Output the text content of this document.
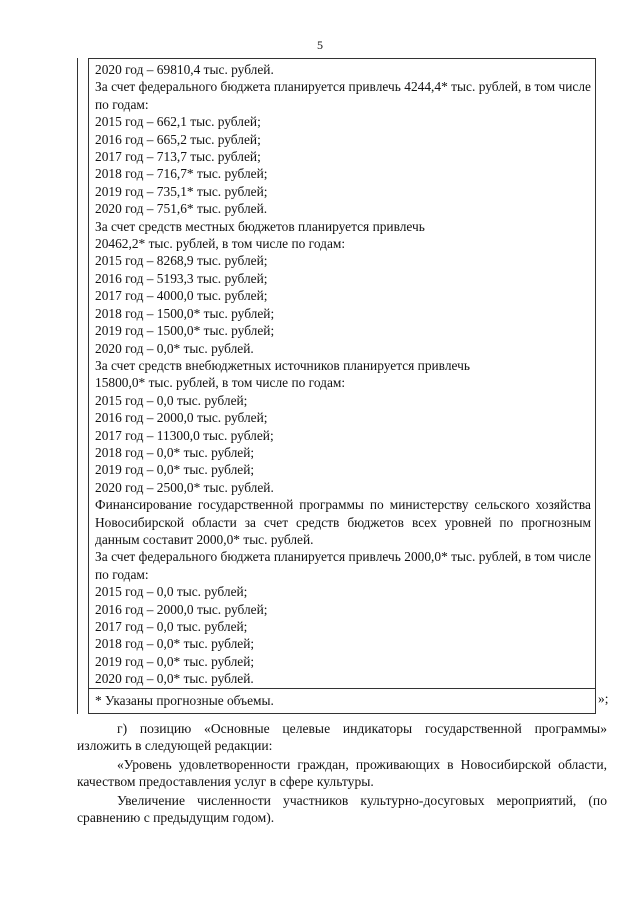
5
2020 год – 69810,4 тыс. рублей.
За счет федерального бюджета планируется привлечь 4244,4* тыс. рублей, в том числе по годам:
2015 год – 662,1 тыс. рублей;
2016 год – 665,2 тыс. рублей;
2017 год – 713,7 тыс. рублей;
2018 год – 716,7* тыс. рублей;
2019 год – 735,1* тыс. рублей;
2020 год – 751,6* тыс. рублей.
За счет средств местных бюджетов планируется привлечь
20462,2* тыс. рублей, в том числе по годам:
2015 год – 8268,9 тыс. рублей;
2016 год – 5193,3 тыс. рублей;
2017 год – 4000,0 тыс. рублей;
2018 год – 1500,0* тыс. рублей;
2019 год – 1500,0* тыс. рублей;
2020 год – 0,0* тыс. рублей.
За счет средств внебюджетных источников планируется привлечь
15800,0* тыс. рублей, в том числе по годам:
2015 год – 0,0 тыс. рублей;
2016 год – 2000,0 тыс. рублей;
2017 год – 11300,0 тыс. рублей;
2018 год – 0,0* тыс. рублей;
2019 год – 0,0* тыс. рублей;
2020 год – 2500,0* тыс. рублей.
Финансирование государственной программы по министерству сельского хозяйства Новосибирской области за счет средств бюджетов всех уровней по прогнозным данным составит 2000,0* тыс. рублей.
За счет федерального бюджета планируется привлечь 2000,0* тыс. рублей, в том числе по годам:
2015 год – 0,0 тыс. рублей;
2016 год – 2000,0 тыс. рублей;
2017 год – 0,0 тыс. рублей;
2018 год – 0,0* тыс. рублей;
2019 год – 0,0* тыс. рублей;
2020 год – 0,0* тыс. рублей.
* Указаны прогнозные объемы.	»;
г) позицию «Основные целевые индикаторы государственной программы» изложить в следующей редакции:
«Уровень удовлетворенности граждан, проживающих в Новосибирской области, качеством предоставления услуг в сфере культуры.
Увеличение численности участников культурно-досуговых мероприятий, (по сравнению с предыдущим годом).
